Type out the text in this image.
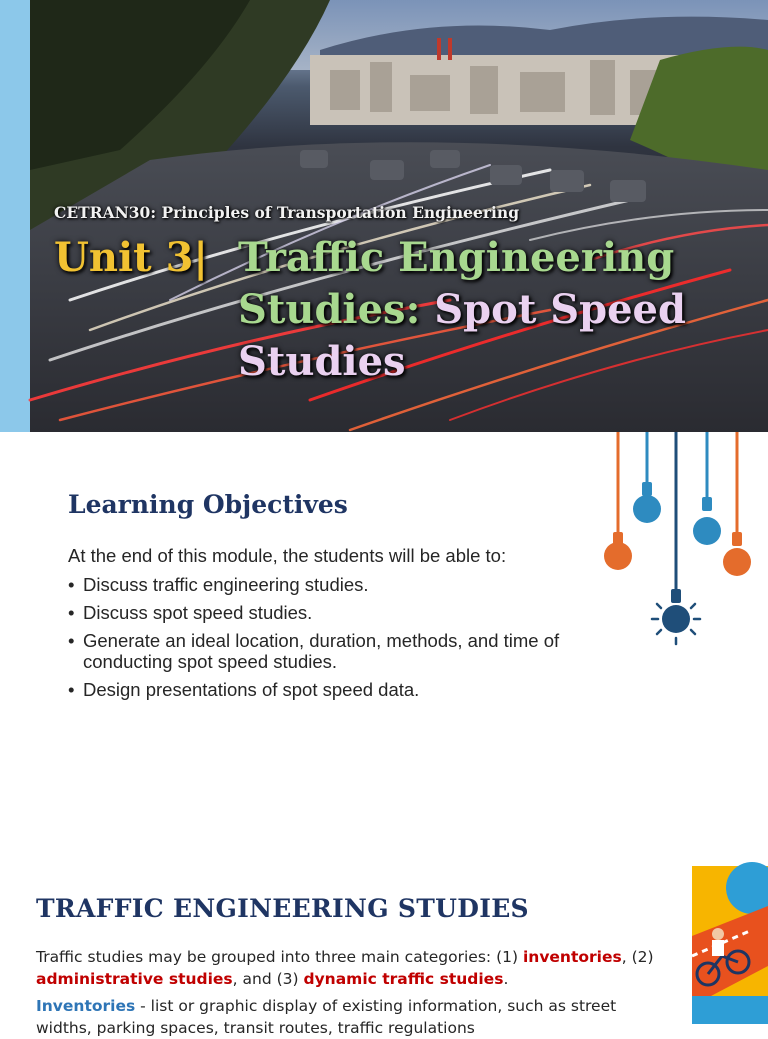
CETRAN30: Principles of Transportation Engineering
Unit 3| Traffic Engineering
Studies: Spot Speed
Studies
Learning Objectives
At the end of this module, the students will be able to:
• Discuss traffic engineering studies.
• Discuss spot speed studies.
• Generate an ideal location, duration, methods, and time of conducting spot speed studies.
• Design presentations of spot speed data.
TRAFFIC ENGINEERING STUDIES

Traffic studies may be grouped into three main categories: (1) inventories, (2) administrative studies, and (3) dynamic traffic studies.

Inventories - list or graphic display of existing information, such as street widths, parking spaces, transit routes, traffic regulations
